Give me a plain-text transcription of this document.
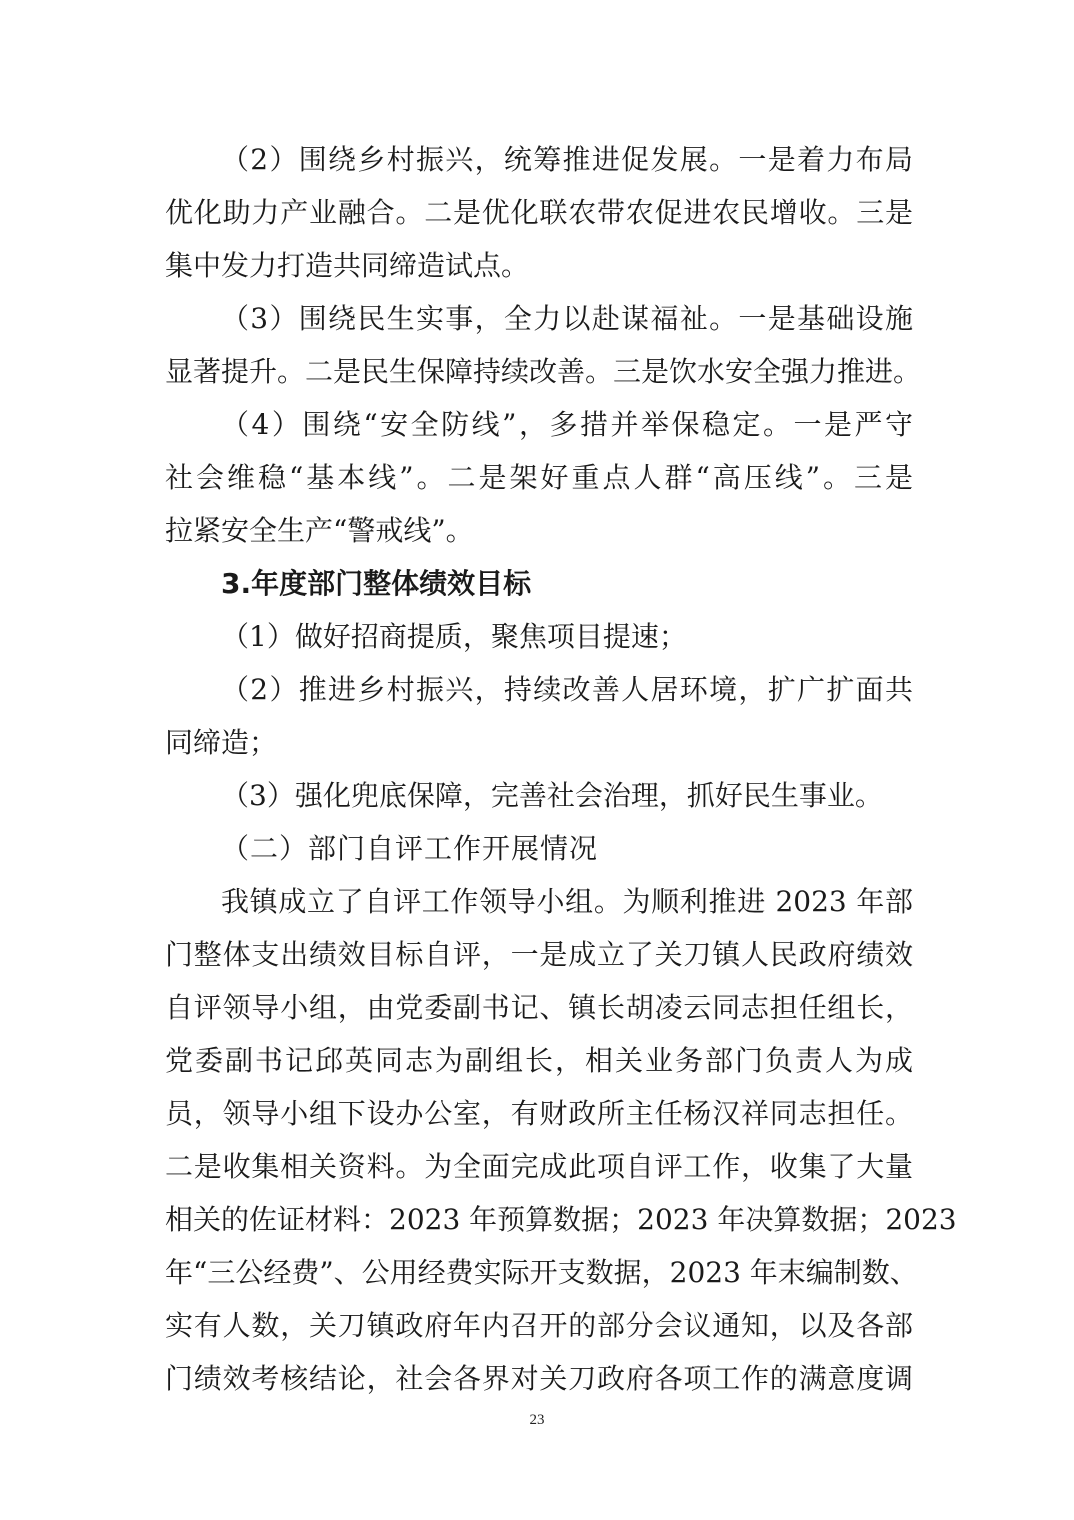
（2）围绕乡村振兴，统筹推进促发展。一是着力布局
优化助力产业融合。二是优化联农带农促进农民增收。三是
集中发力打造共同缔造试点。
（3）围绕民生实事，全力以赴谋福祉。一是基础设施
显著提升。二是民生保障持续改善。三是饮水安全强力推进。
（4）围绕“安全防线”，多措并举保稳定。一是严守
社会维稳“基本线”。二是架好重点人群“高压线”。三是
拉紧安全生产“警戒线”。
3.年度部门整体绩效目标
（1）做好招商提质，聚焦项目提速；
（2）推进乡村振兴，持续改善人居环境，扩广扩面共
同缔造；
（3）强化兜底保障，完善社会治理，抓好民生事业。
（二）部门自评工作开展情况
我镇成立了自评工作领导小组。为顺利推进 2023 年部
门整体支出绩效目标自评，一是成立了关刀镇人民政府绩效
自评领导小组，由党委副书记、镇长胡凌云同志担任组长，
党委副书记邱英同志为副组长，相关业务部门负责人为成
员，领导小组下设办公室，有财政所主任杨汉祥同志担任。
二是收集相关资料。为全面完成此项自评工作，收集了大量
相关的佐证材料：2023 年预算数据；2023 年决算数据；2023
年“三公经费”、公用经费实际开支数据，2023 年末编制数、
实有人数，关刀镇政府年内召开的部分会议通知，以及各部
门绩效考核结论，社会各界对关刀政府各项工作的满意度调
23
